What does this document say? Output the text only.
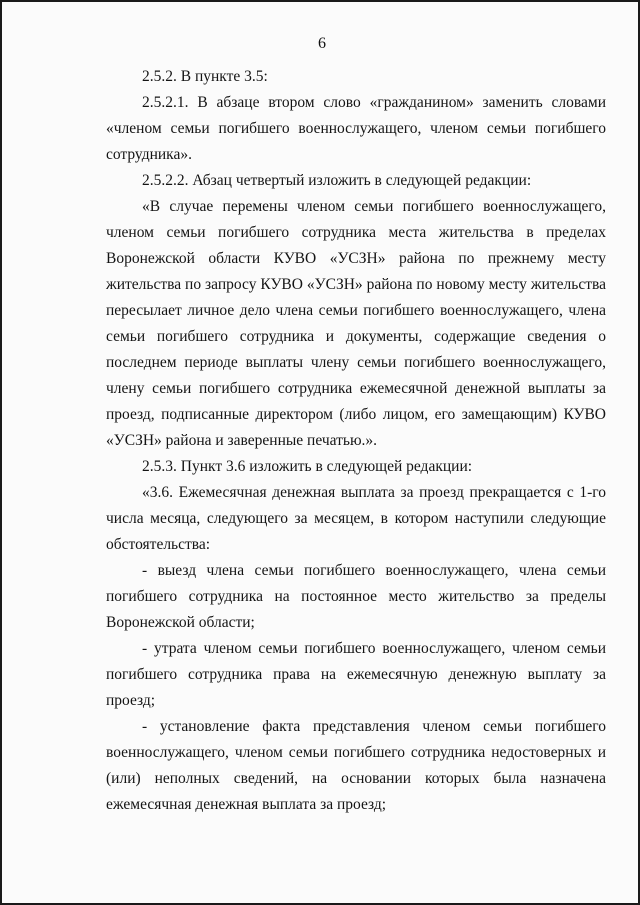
6

2.5.2. В пункте 3.5:

2.5.2.1. В абзаце втором слово «гражданином» заменить словами «членом семьи погибшего военнослужащего, членом семьи погибшего сотрудника».

2.5.2.2. Абзац четвертый изложить в следующей редакции:

«В случае перемены членом семьи погибшего военнослужащего, членом семьи погибшего сотрудника места жительства в пределах Воронежской области КУВО «УСЗН» района по прежнему месту жительства по запросу КУВО «УСЗН» района по новому месту жительства пересылает личное дело члена семьи погибшего военнослужащего, члена семьи погибшего сотрудника и документы, содержащие сведения о последнем периоде выплаты члену семьи погибшего военнослужащего, члену семьи погибшего сотрудника ежемесячной денежной выплаты за проезд, подписанные директором (либо лицом, его замещающим) КУВО «УСЗН» района и заверенные печатью.».

2.5.3. Пункт 3.6 изложить в следующей редакции:

«3.6. Ежемесячная денежная выплата за проезд прекращается с 1-го числа месяца, следующего за месяцем, в котором наступили следующие обстоятельства:

- выезд члена семьи погибшего военнослужащего, члена семьи погибшего сотрудника на постоянное место жительство за пределы Воронежской области;

- утрата членом семьи погибшего военнослужащего, членом семьи погибшего сотрудника права на ежемесячную денежную выплату за проезд;

- установление факта представления членом семьи погибшего военнослужащего, членом семьи погибшего сотрудника недостоверных и (или) неполных сведений, на основании которых была назначена ежемесячная денежная выплата за проезд;
